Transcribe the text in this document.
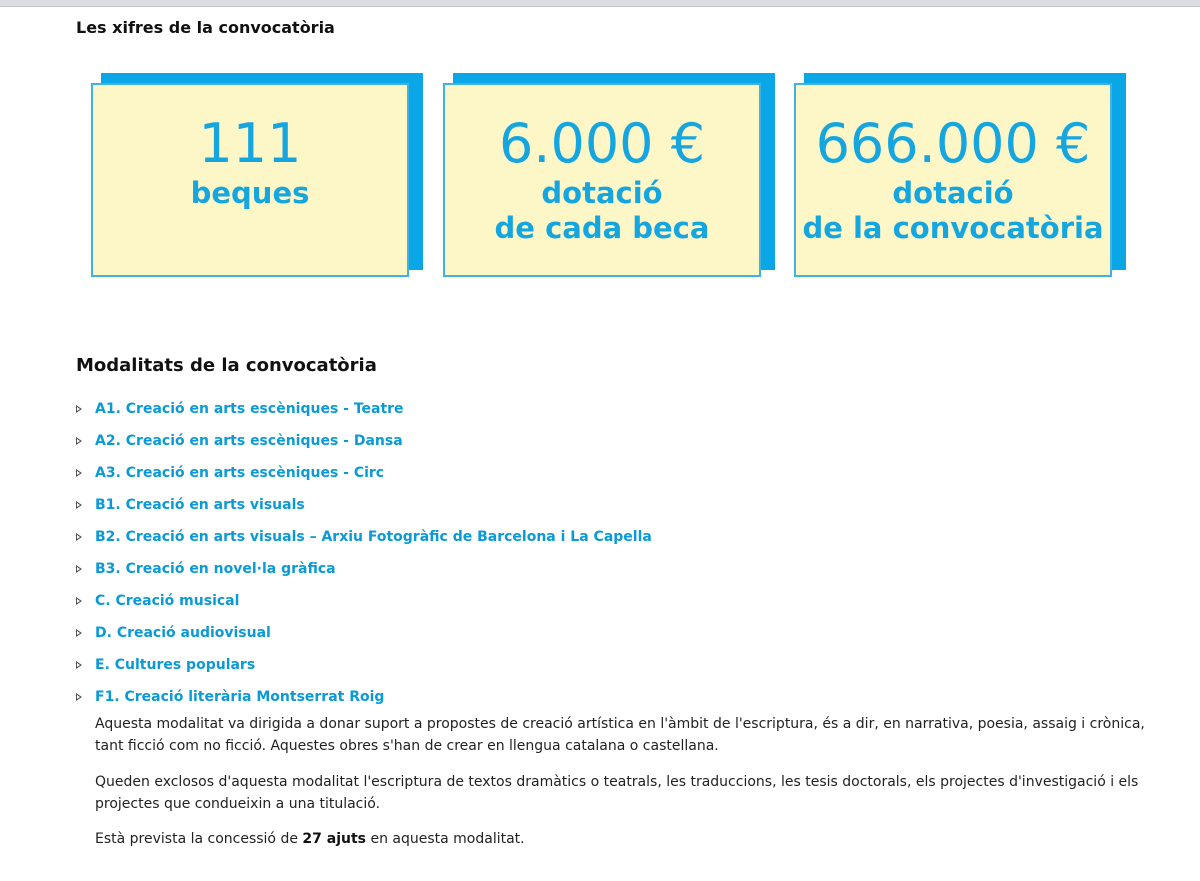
Les xifres de la convocatòria
111
beques
6.000 €
dotació
de cada beca
666.000 €
dotació
de la convocatòria
Modalitats de la convocatòria
A1. Creació en arts escèniques - Teatre
A2. Creació en arts escèniques - Dansa
A3. Creació en arts escèniques - Circ
B1. Creació en arts visuals
B2. Creació en arts visuals – Arxiu Fotogràfic de Barcelona i La Capella
B3. Creació en novel·la gràfica
C. Creació musical
D. Creació audiovisual
E. Cultures populars
F1. Creació literària Montserrat Roig

Aquesta modalitat va dirigida a donar suport a propostes de creació artística en l'àmbit de l'escriptura, és a dir, en narrativa, poesia, assaig i crònica, tant ficció com no ficció. Aquestes obres s'han de crear en llengua catalana o castellana.

Queden exclosos d'aquesta modalitat l'escriptura de textos dramàtics o teatrals, les traduccions, les tesis doctorals, els projectes d'investigació i els projectes que condueixin a una titulació.

Està prevista la concessió de 27 ajuts en aquesta modalitat.
